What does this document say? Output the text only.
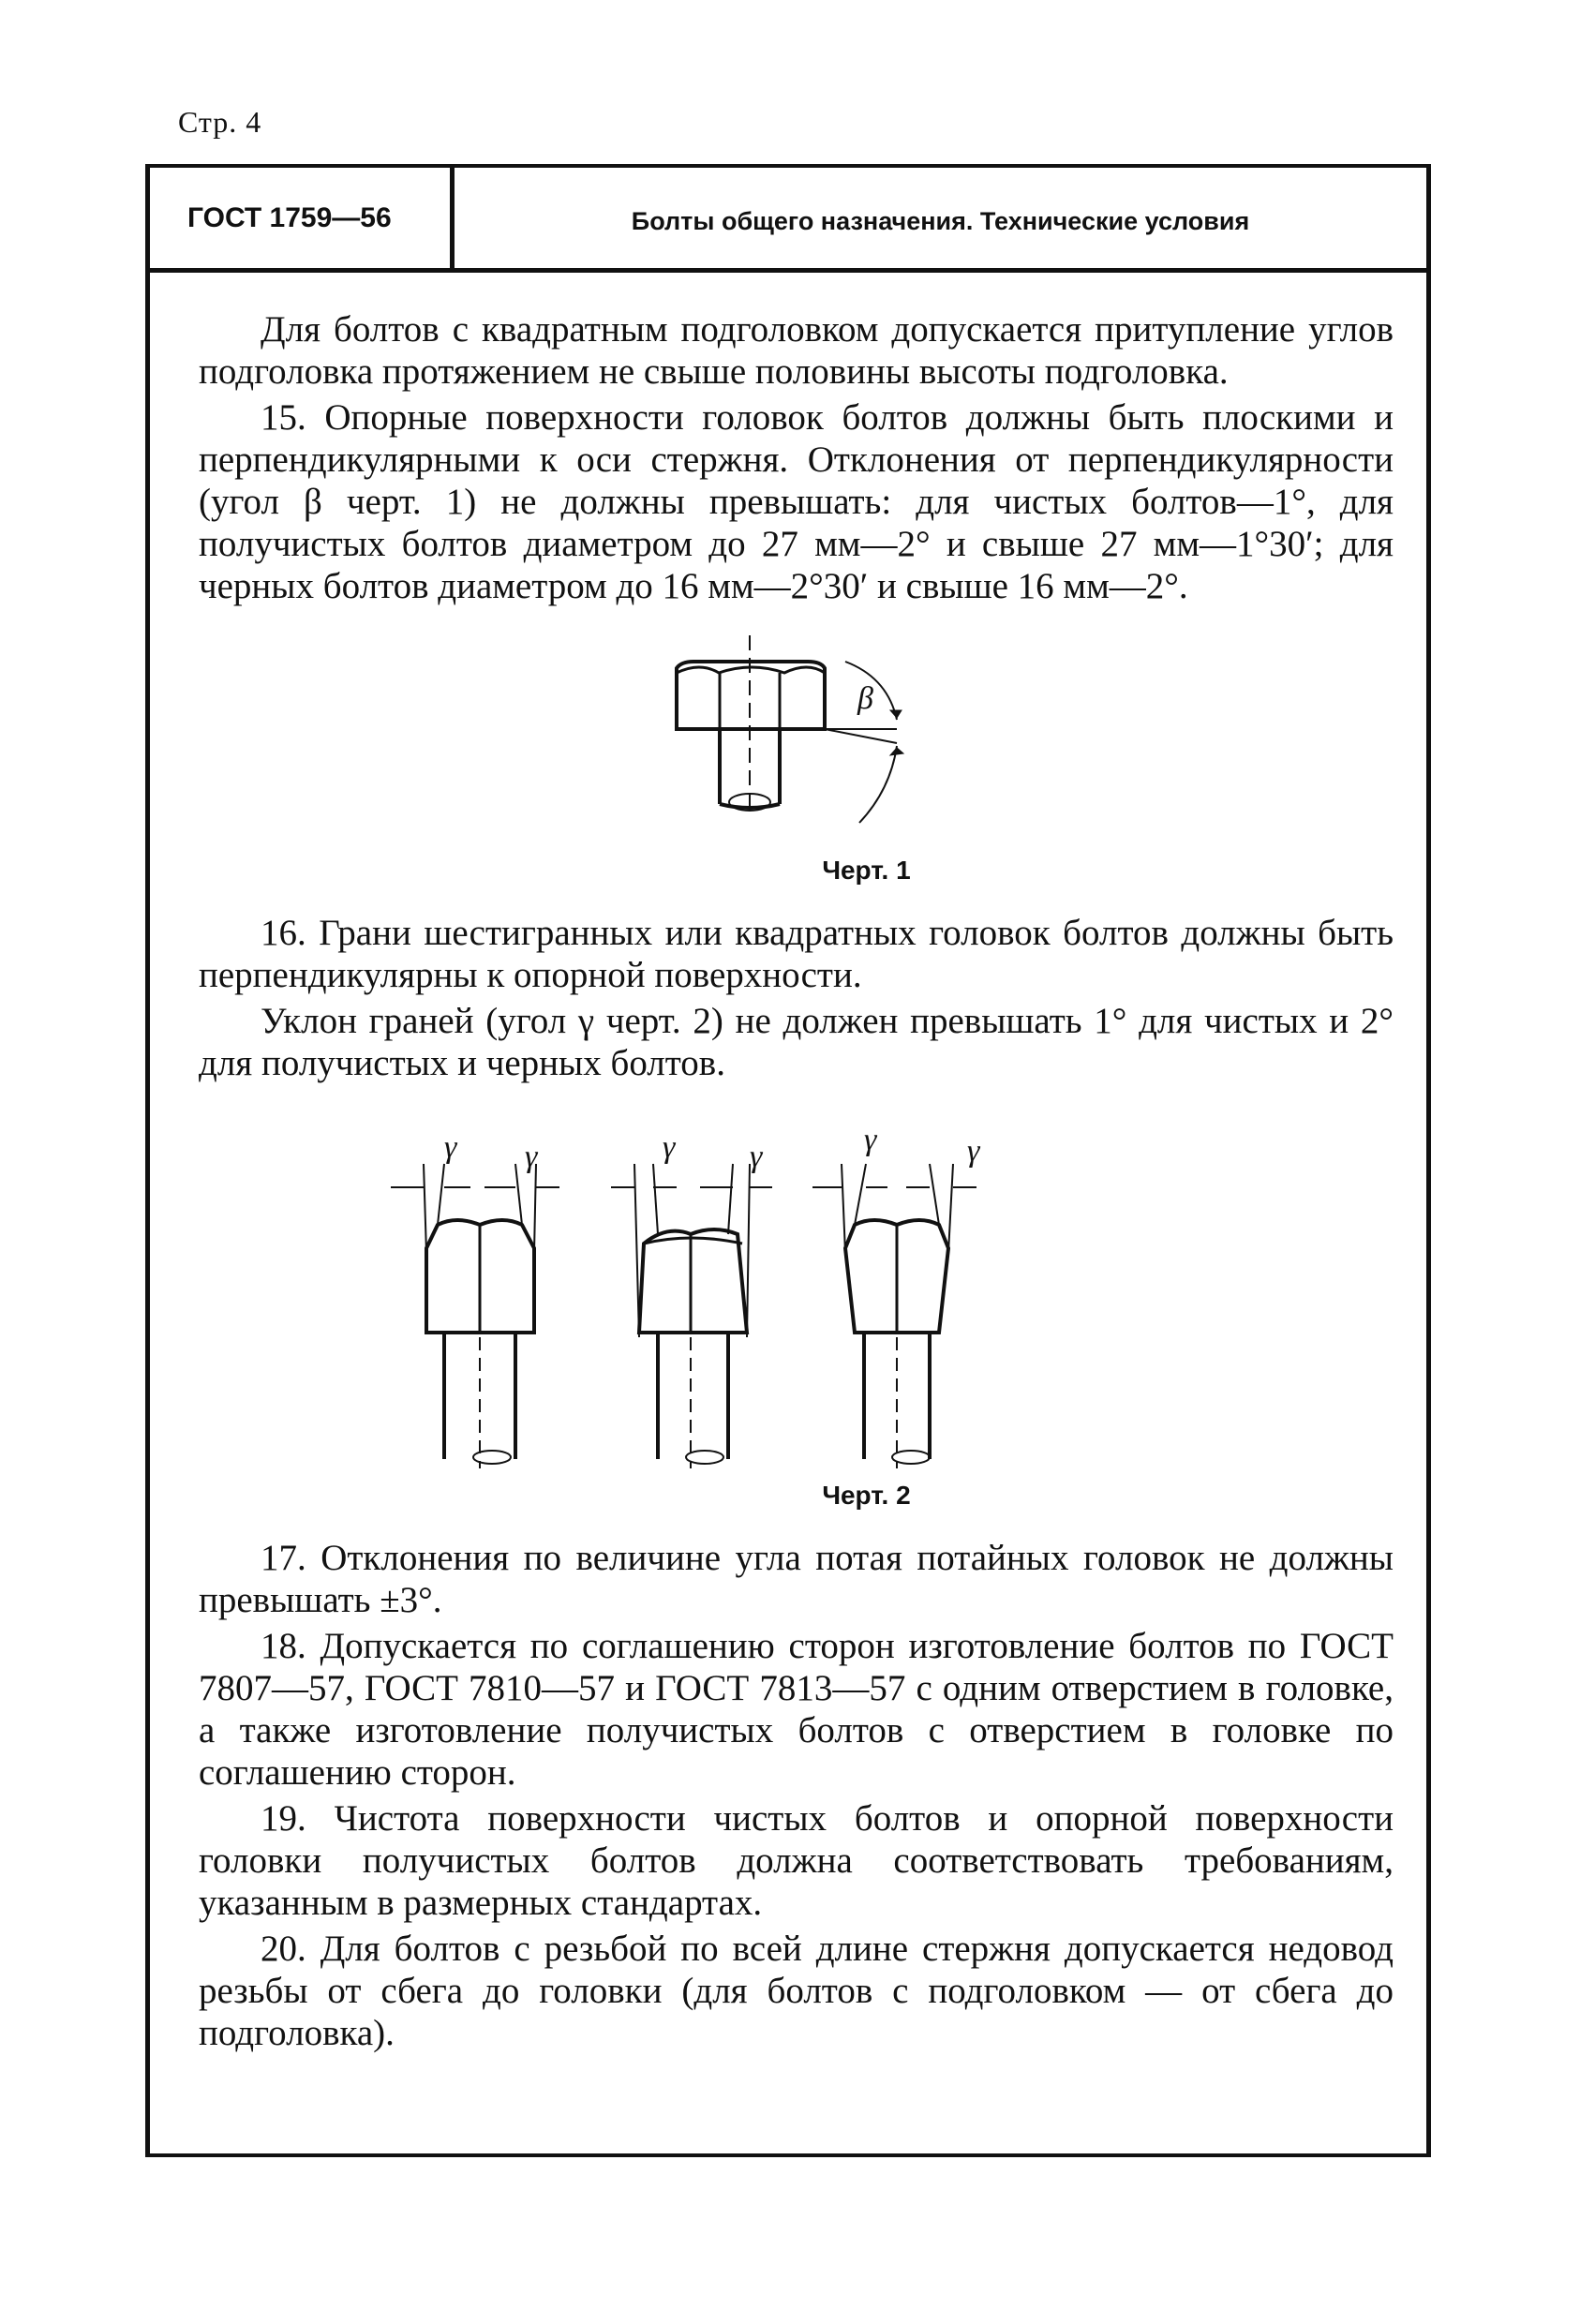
Стр. 4
ГОСТ 1759—56	Болты общего назначения. Технические условия

Для болтов с квадратным подголовком допускается притупление углов подголовка протяжением не свыше половины высоты подголовка.

15. Опорные поверхности головок болтов должны быть плоскими и перпендикулярными к оси стержня. Отклонения от перпендикулярности (угол β черт. 1) не должны превышать: для чистых болтов—1°, для получистых болтов диаметром до 27 мм—2° и свыше 27 мм—1°30′; для черных болтов диаметром до 16 мм—2°30′ и свыше 16 мм—2°.

β
Черт. 1

16. Грани шестигранных или квадратных головок болтов должны быть перпендикулярны к опорной поверхности.

Уклон граней (угол γ черт. 2) не должен превышать 1° для чистых и 2° для получистых и черных болтов.

γ γ	γ γ	γ	γ
Черт. 2

17. Отклонения по величине угла потая потайных головок не должны превышать ±3°.

18. Допускается по соглашению сторон изготовление болтов по ГОСТ 7807—57, ГОСТ 7810—57 и ГОСТ 7813—57 с одним отверстием в головке, а также изготовление получистых болтов с отверстием в головке по соглашению сторон.

19. Чистота поверхности чистых болтов и опорной поверхности головки получистых болтов должна соответствовать требованиям, указанным в размерных стандартах.

20. Для болтов с резьбой по всей длине стержня допускается недовод резьбы от сбега до головки (для болтов с подголовком — от сбега до подголовка).
